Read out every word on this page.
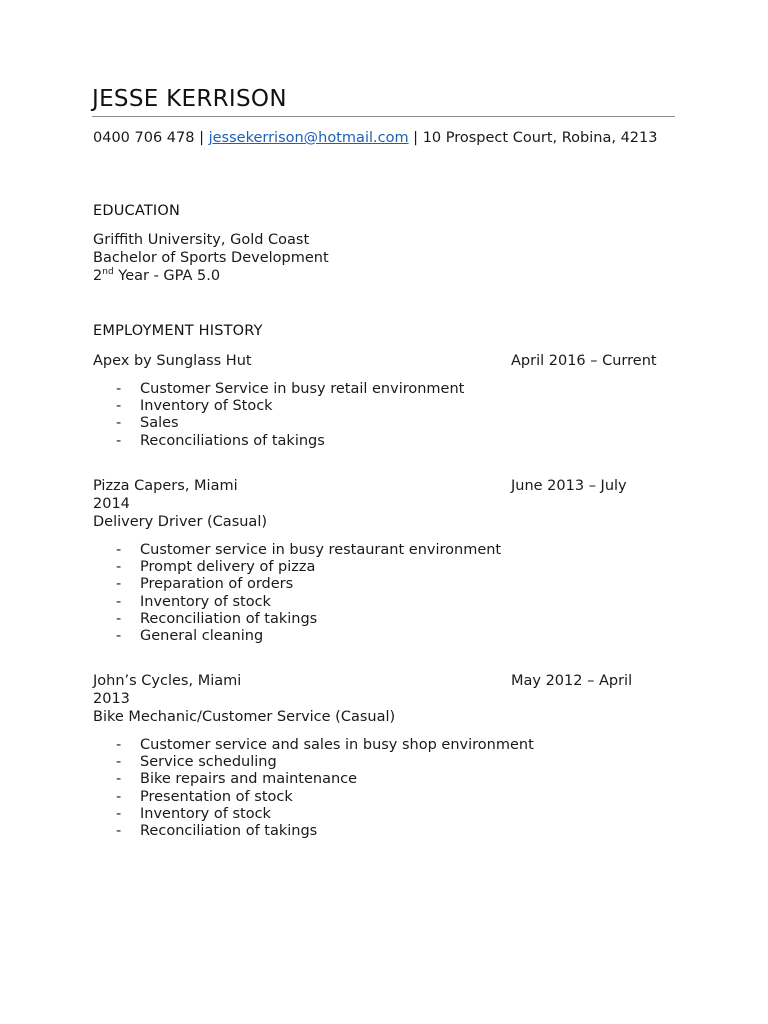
JESSE KERRISON
0400 706 478 | jessekerrison@hotmail.com | 10 Prospect Court, Robina, 4213
EDUCATION
Griffith University, Gold Coast
Bachelor of Sports Development
2nd Year - GPA 5.0
EMPLOYMENT HISTORY
Apex by Sunglass Hut	April 2016 – Current
- Customer Service in busy retail environment
- Inventory of Stock
- Sales
- Reconciliations of takings
Pizza Capers, Miami	June 2013 – July
2014
Delivery Driver (Casual)
- Customer service in busy restaurant environment
- Prompt delivery of pizza
- Preparation of orders
- Inventory of stock
- Reconciliation of takings
- General cleaning
John’s Cycles, Miami	May 2012 – April
2013
Bike Mechanic/Customer Service (Casual)
- Customer service and sales in busy shop environment
- Service scheduling
- Bike repairs and maintenance
- Presentation of stock
- Inventory of stock
- Reconciliation of takings
